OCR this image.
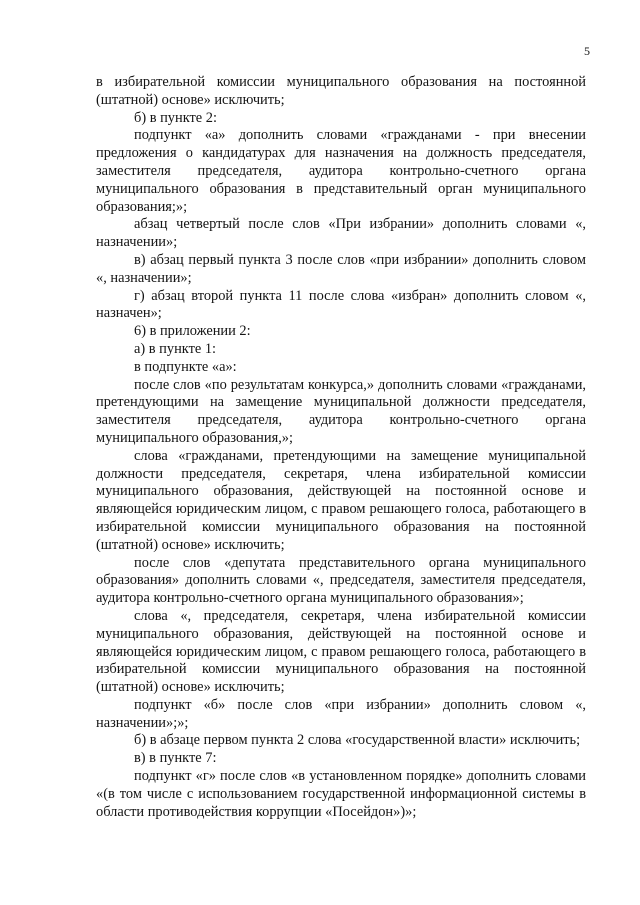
5

в избирательной комиссии муниципального образования на постоянной (штатной) основе» исключить;

б) в пункте 2:

подпункт «а» дополнить словами «гражданами - при внесении предложения о кандидатурах для назначения на должность председателя, заместителя председателя, аудитора контрольно-счетного органа муниципального образования в представительный орган муниципального образования;»;

абзац четвертый после слов «При избрании» дополнить словами «, назначении»;

в) абзац первый пункта 3 после слов «при избрании» дополнить словом «, назначении»;

г) абзац второй пункта 11 после слова «избран» дополнить словом «, назначен»;

6) в приложении 2:

а) в пункте 1:

в подпункте «а»:

после слов «по результатам конкурса,» дополнить словами «гражданами, претендующими на замещение муниципальной должности председателя, заместителя председателя, аудитора контрольно-счетного органа муниципального образования,»;

слова «гражданами, претендующими на замещение муниципальной должности председателя, секретаря, члена избирательной комиссии муниципального образования, действующей на постоянной основе и являющейся юридическим лицом, с правом решающего голоса, работающего в избирательной комиссии муниципального образования на постоянной (штатной) основе» исключить;

после слов «депутата представительного органа муниципального образования» дополнить словами «, председателя, заместителя председателя, аудитора контрольно-счетного органа муниципального образования»;

слова «, председателя, секретаря, члена избирательной комиссии муниципального образования, действующей на постоянной основе и являющейся юридическим лицом, с правом решающего голоса, работающего в избирательной комиссии муниципального образования на постоянной (штатной) основе» исключить;

подпункт «б» после слов «при избрании» дополнить словом «, назначении»;»;

б) в абзаце первом пункта 2 слова «государственной власти» исключить;

в) в пункте 7:

подпункт «г» после слов «в установленном порядке» дополнить словами «(в том числе с использованием государственной информационной системы в области противодействия коррупции «Посейдон»)»;
